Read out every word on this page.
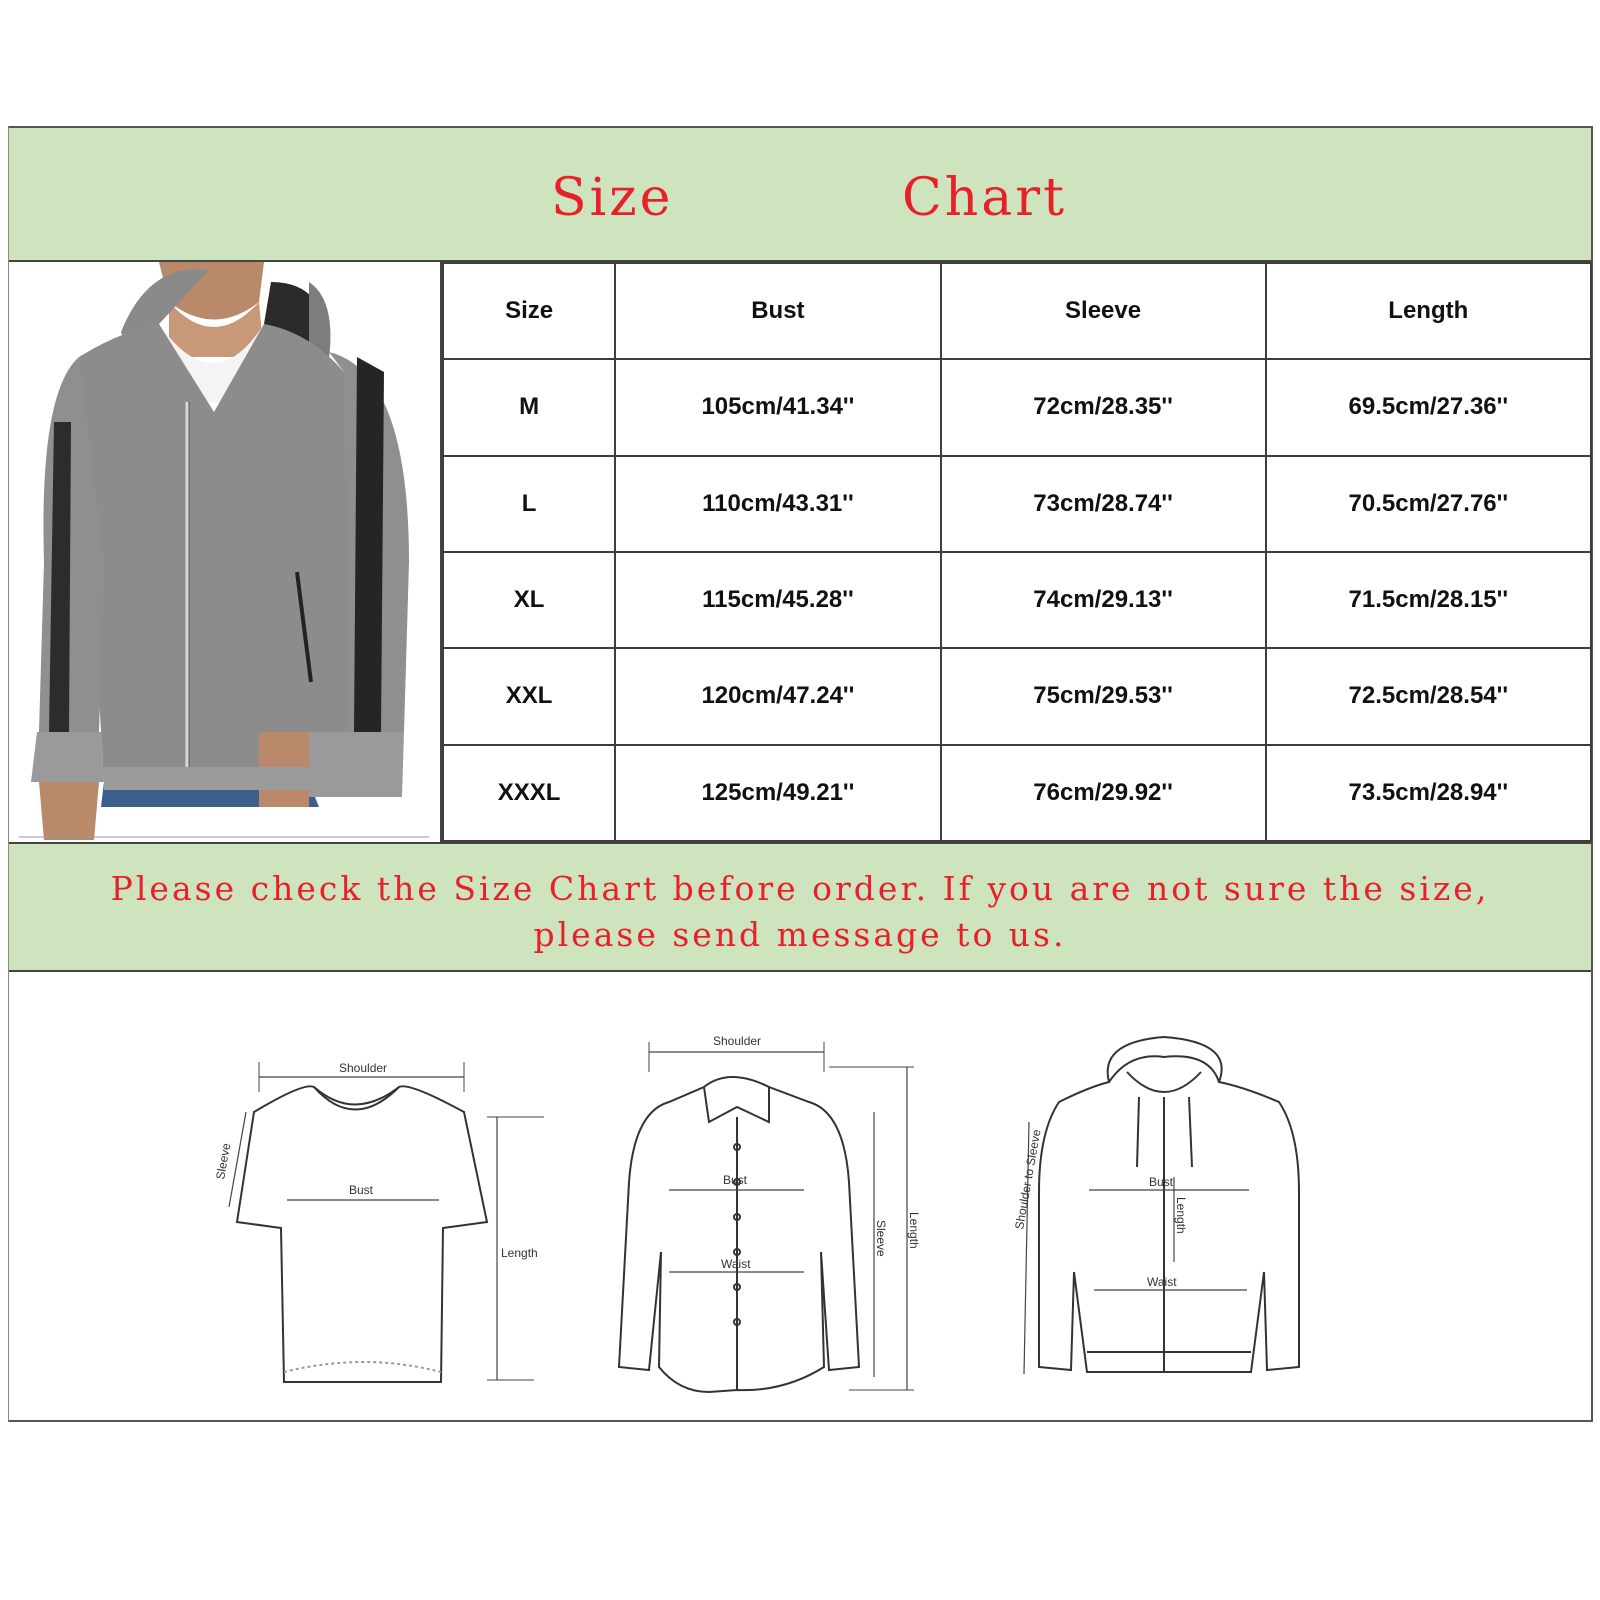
Size	Chart
Size	Bust	Sleeve	Length
M	105cm/41.34''	72cm/28.35''	69.5cm/27.36''
L	110cm/43.31''	73cm/28.74''	70.5cm/27.76''
XL	115cm/45.28''	74cm/29.13''	71.5cm/28.15''
XXL	120cm/47.24''	75cm/29.53''	72.5cm/28.54''
XXXL	125cm/49.21''	76cm/29.92''	73.5cm/28.94''
Please check the Size Chart before order. If you are not sure the size,
please send message to us.
Shoulder
Bust
Length
Sleeve
Shoulder
Bust
Waist
Sleeve Length
Bust
Waist
Length
Shoulder to Sleeve
